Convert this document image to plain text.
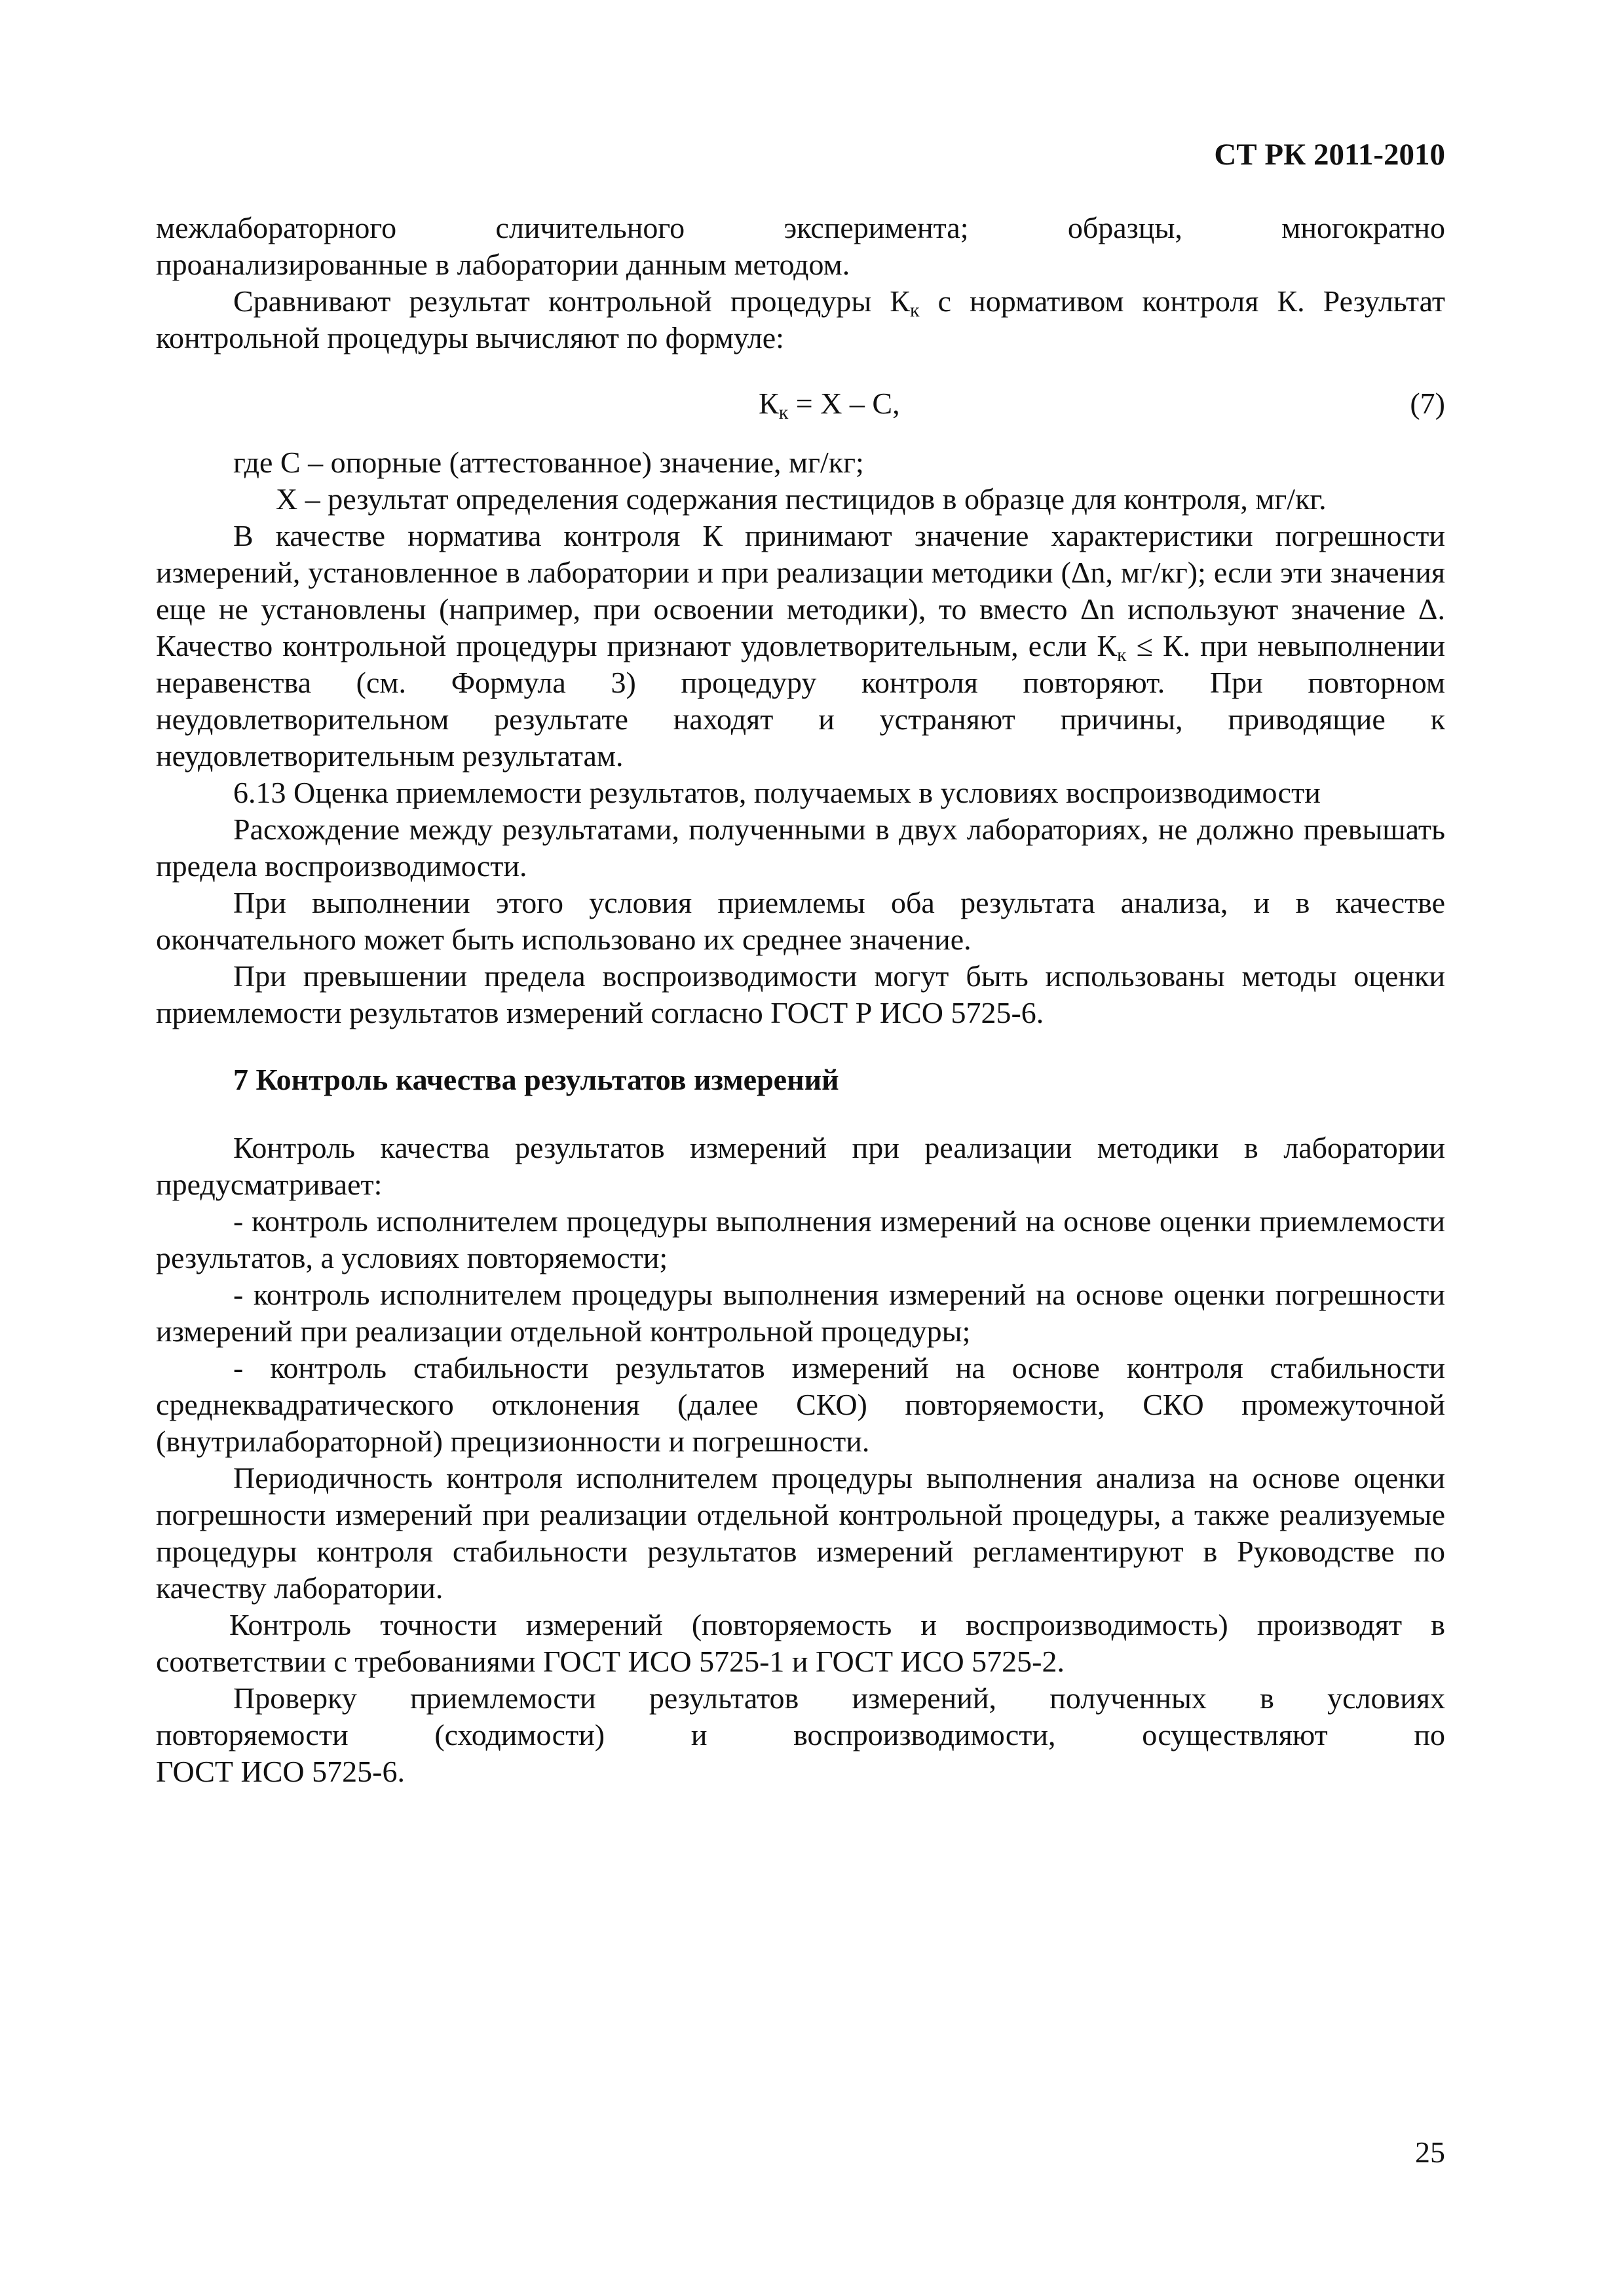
СТ РК 2011-2010
межлабораторного	сличительного	эксперимента;	образцы,	многократно
проанализированные в лаборатории данным методом.
Сравнивают результат контрольной процедуры $К_к$ с нормативом контроля К. Результат контрольной процедуры вычисляют по формуле:
$К_к = Х - С$,	(7)
где С – опорные (аттестованное) значение, мг/кг;
Х – результат определения содержания пестицидов в образце для контроля, мг/кг.
В качестве норматива контроля К принимают значение характеристики погрешности измерений, установленное в лаборатории и при реализации методики (Δn, мг/кг); если эти значения еще не установлены (например, при освоении методики), то вместо Δn используют значение Δ. Качество контрольной процедуры признают удовлетворительным, если $К_к \le К$. при невыполнении неравенства (см. Формула 3) процедуру контроля повторяют. При повторном неудовлетворительном результате находят и устраняют причины, приводящие к неудовлетворительным результатам.
6.13 Оценка приемлемости результатов, получаемых в условиях воспроизводимости
Расхождение между результатами, полученными в двух лабораториях, не должно превышать предела воспроизводимости.
При выполнении этого условия приемлемы оба результата анализа, и в качестве окончательного может быть использовано их среднее значение.
При превышении предела воспроизводимости могут быть использованы методы оценки приемлемости результатов измерений согласно ГОСТ Р ИСО 5725-6.
7 Контроль качества результатов измерений
Контроль качества результатов измерений при реализации методики в лаборатории предусматривает:
- контроль исполнителем процедуры выполнения измерений на основе оценки приемлемости результатов, а условиях повторяемости;
- контроль исполнителем процедуры выполнения измерений на основе оценки погрешности измерений при реализации отдельной контрольной процедуры;
- контроль стабильности результатов измерений на основе контроля стабильности среднеквадратического отклонения (далее СКО) повторяемости, СКО промежуточной (внутрилабораторной) прецизионности и погрешности.
Периодичность контроля исполнителем процедуры выполнения анализа на основе оценки погрешности измерений при реализации отдельной контрольной процедуры, а также реализуемые процедуры контроля стабильности результатов измерений регламентируют в Руководстве по качеству лаборатории.
Контроль точности измерений (повторяемость и воспроизводимость) производят в соответствии с требованиями ГОСТ ИСО 5725-1 и ГОСТ ИСО 5725-2.
Проверку приемлемости результатов измерений, полученных в условиях
повторяемости	(сходимости)	и	воспроизводимости,	осуществляют	по
ГОСТ ИСО 5725-6.
25
